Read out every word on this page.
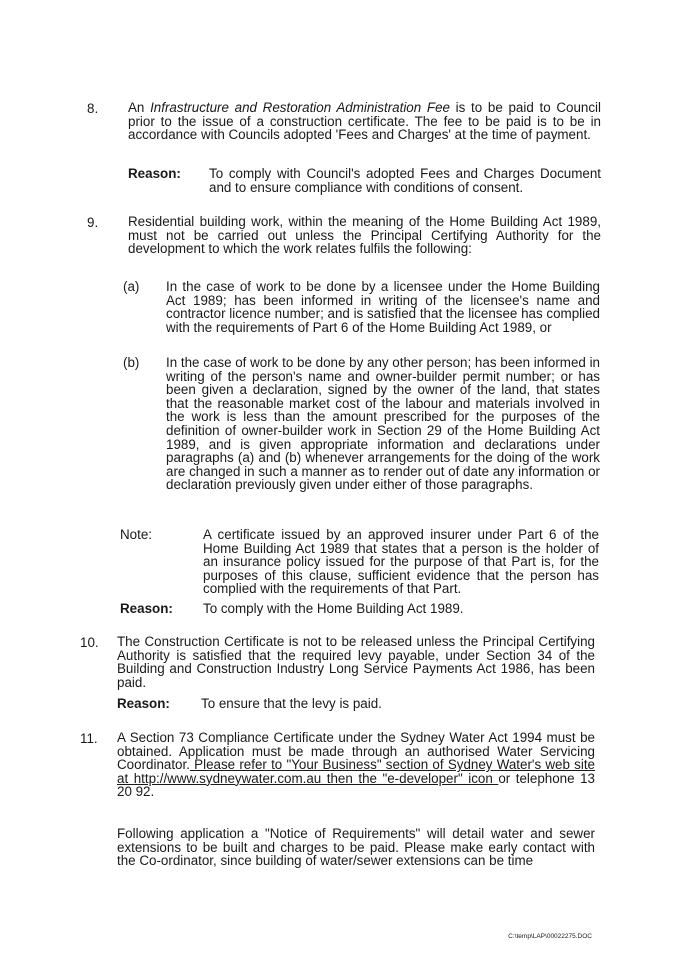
8. An Infrastructure and Restoration Administration Fee is to be paid to Council prior to the issue of a construction certificate. The fee to be paid is to be in accordance with Councils adopted 'Fees and Charges' at the time of payment.
Reason: To comply with Council's adopted Fees and Charges Document and to ensure compliance with conditions of consent.
9. Residential building work, within the meaning of the Home Building Act 1989, must not be carried out unless the Principal Certifying Authority for the development to which the work relates fulfils the following:
(a) In the case of work to be done by a licensee under the Home Building Act 1989; has been informed in writing of the licensee's name and contractor licence number; and is satisfied that the licensee has complied with the requirements of Part 6 of the Home Building Act 1989, or
(b) In the case of work to be done by any other person; has been informed in writing of the person's name and owner-builder permit number; or has been given a declaration, signed by the owner of the land, that states that the reasonable market cost of the labour and materials involved in the work is less than the amount prescribed for the purposes of the definition of owner-builder work in Section 29 of the Home Building Act 1989, and is given appropriate information and declarations under paragraphs (a) and (b) whenever arrangements for the doing of the work are changed in such a manner as to render out of date any information or declaration previously given under either of those paragraphs.
Note:	A certificate issued by an approved insurer under Part 6 of the Home Building Act 1989 that states that a person is the holder of an insurance policy issued for the purpose of that Part is, for the purposes of this clause, sufficient evidence that the person has complied with the requirements of that Part.
Reason: To comply with the Home Building Act 1989.
10. The Construction Certificate is not to be released unless the Principal Certifying Authority is satisfied that the required levy payable, under Section 34 of the Building and Construction Industry Long Service Payments Act 1986, has been paid.
Reason: To ensure that the levy is paid.
11. A Section 73 Compliance Certificate under the Sydney Water Act 1994 must be obtained. Application must be made through an authorised Water Servicing Coordinator. Please refer to "Your Business" section of Sydney Water's web site at http://www.sydneywater.com.au then the "e-developer" icon or telephone 13 20 92.
Following application a "Notice of Requirements" will detail water and sewer extensions to be built and charges to be paid. Please make early contact with the Co-ordinator, since building of water/sewer extensions can be time
C:\temp\LAP\00022275.DOC
